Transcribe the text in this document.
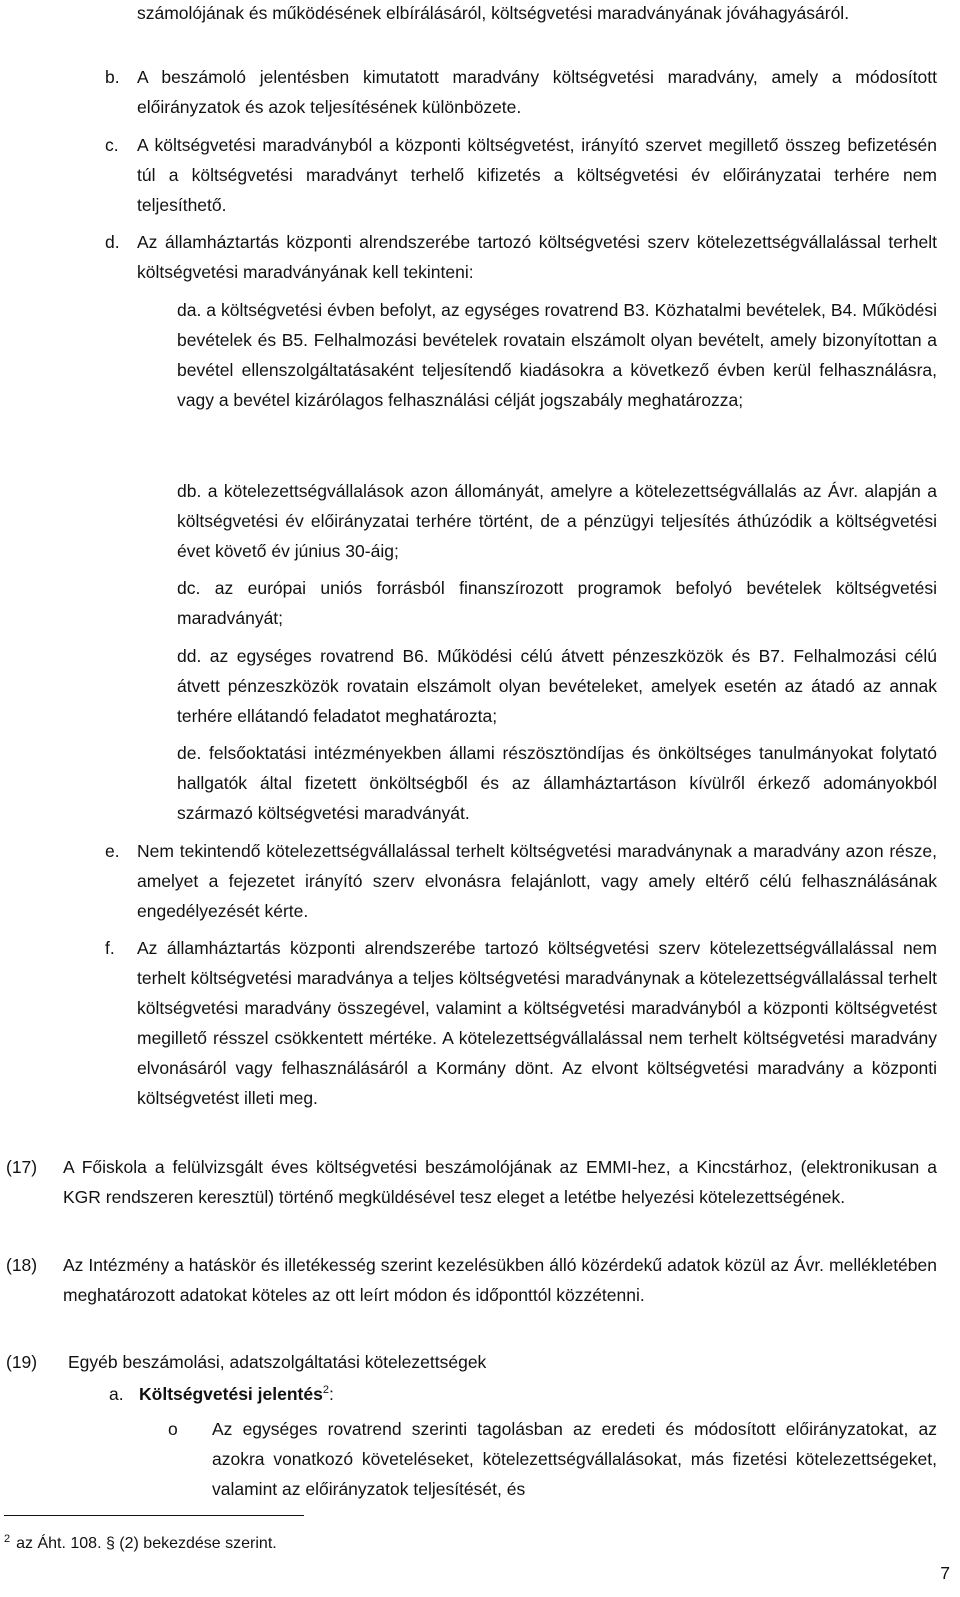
számolójának és működésének elbírálásáról, költségvetési maradványának jóváhagyásáról.
b. A beszámoló jelentésben kimutatott maradvány költségvetési maradvány, amely a módosított előirányzatok és azok teljesítésének különbözete.
c. A költségvetési maradványból a központi költségvetést, irányító szervet megillető összeg befizetésén túl a költségvetési maradványt terhelő kifizetés a költségvetési év előirányzatai terhére nem teljesíthető.
d. Az államháztartás központi alrendszerébe tartozó költségvetési szerv kötelezettségvállalással terhelt költségvetési maradványának kell tekinteni:
da. a költségvetési évben befolyt, az egységes rovatrend B3. Közhatalmi bevételek, B4. Működési bevételek és B5. Felhalmozási bevételek rovatain elszámolt olyan bevételt, amely bizonyítottan a bevétel ellenszolgáltatásaként teljesítendő kiadásokra a következő évben kerül felhasználásra, vagy a bevétel kizárólagos felhasználási célját jogszabály meghatározza;
db. a kötelezettségvállalások azon állományát, amelyre a kötelezettségvállalás az Ávr. alapján a költségvetési év előirányzatai terhére történt, de a pénzügyi teljesítés áthúzódik a költségvetési évet követő év június 30-áig;
dc. az európai uniós forrásból finanszírozott programok befolyó bevételek költségvetési maradványát;
dd. az egységes rovatrend B6. Működési célú átvett pénzeszközök és B7. Felhalmozási célú átvett pénzeszközök rovatain elszámolt olyan bevételeket, amelyek esetén az átadó az annak terhére ellátandó feladatot meghatározta;
de. felsőoktatási intézményekben állami részösztöndíjas és önköltséges tanulmányokat folytató hallgatók által fizetett önköltségből és az államháztartáson kívülről érkező adományokból származó költségvetési maradványát.
e. Nem tekintendő kötelezettségvállalással terhelt költségvetési maradványnak a maradvány azon része, amelyet a fejezetet irányító szerv elvonásra felajánlott, vagy amely eltérő célú felhasználásának engedélyezését kérte.
f. Az államháztartás központi alrendszerébe tartozó költségvetési szerv kötelezettségvállalással nem terhelt költségvetési maradványa a teljes költségvetési maradványnak a kötelezettségvállalással terhelt költségvetési maradvány összegével, valamint a költségvetési maradványból a központi költségvetést megillető résszel csökkentett mértéke. A kötelezettségvállalással nem terhelt költségvetési maradvány elvonásáról vagy felhasználásáról a Kormány dönt. Az elvont költségvetési maradvány a központi költségvetést illeti meg.
(17) A Főiskola a felülvizsgált éves költségvetési beszámolójának az EMMI-hez, a Kincstárhoz, (elektronikusan a KGR rendszeren keresztül) történő megküldésével tesz eleget a letétbe helyezési kötelezettségének.
(18) Az Intézmény a hatáskör és illetékesség szerint kezelésükben álló közérdekű adatok közül az Ávr. mellékletében meghatározott adatokat köteles az ott leírt módon és időponttól közzétenni.
(19) Egyéb beszámolási, adatszolgáltatási kötelezettségek
a. Költségvetési jelentés$^2$:
o Az egységes rovatrend szerinti tagolásban az eredeti és módosított előirányzatokat, az azokra vonatkozó követeléseket, kötelezettségvállalásokat, más fizetési kötelezettségeket, valamint az előirányzatok teljesítését, és
$^2$ az Áht. 108. § (2) bekezdése szerint.
7
